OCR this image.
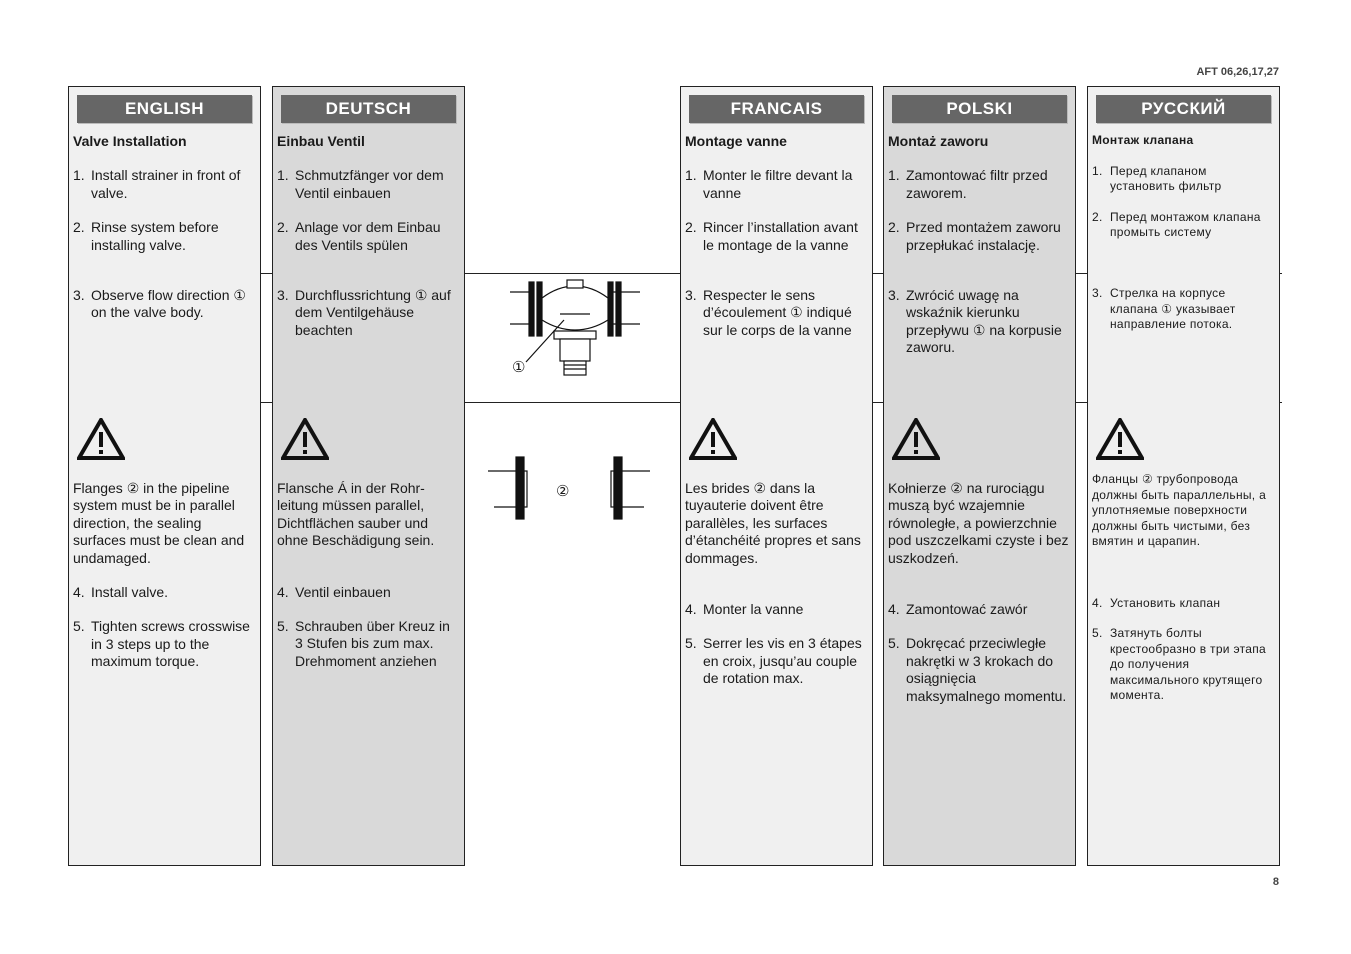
AFT 06,26,17,27
8
ENGLISH
Valve Installation
1. Install strainer in front of valve.
2. Rinse system before installing valve.
3. Observe flow direction ① on the valve body.
Flanges ② in the pipeline system must be in parallel direction, the sealing surfaces must be clean and undamaged.
4. Install valve.
5. Tighten screws crosswise in 3 steps up to the maximum torque.
DEUTSCH
Einbau Ventil
1. Schmutzfänger vor dem Ventil einbauen
2. Anlage vor dem Einbau des Ventils spülen
3. Durchflussrichtung ① auf dem Ventilgehäuse beachten
Flansche Á in der Rohr-leitung müssen parallel, Dichtflächen sauber und ohne Beschädigung sein.
4. Ventil einbauen
5. Schrauben über Kreuz in 3 Stufen bis zum max. Drehmoment anziehen
①
②
FRANCAIS
Montage vanne
1. Monter le filtre devant la vanne
2. Rincer l’installation avant le montage de la vanne
3. Respecter le sens d’écoulement ① indiqué sur le corps de la vanne
Les brides ② dans la tuyauterie doivent être parallèles, les surfaces d’étanchéité propres et sans dommages.
4. Monter la vanne
5. Serrer les vis en 3 étapes en croix, jusqu’au couple de rotation max.
POLSKI
Montaż zaworu
1. Zamontować filtr przed zaworem.
2. Przed montażem zaworu przepłukać instalację.
3. Zwrócić uwagę na wskaźnik kierunku przepływu ① na korpusie zaworu.
Kołnierze ② na rurociągu muszą być wzajemnie równoległe, a powierzchnie pod uszczelkami czyste i bez uszkodzeń.
4. Zamontować zawór
5. Dokręcać przeciwległe nakrętki w 3 krokach do osiągnięcia maksymalnego momentu.
РУССКИЙ
Монтаж клапана
1. Перед клапаном установить фильтр
2. Перед монтажом клапана промыть систему
3. Стрелка на корпусе клапана ① указывает направление потока.
Фланцы ② трубопровода должны быть параллельны, а уплотняемые поверхности должны быть чистыми, без вмятин и царапин.
4. Установить клапан
5. Затянуть болты крестообразно в три этапа до получения максимального крутящего момента.
